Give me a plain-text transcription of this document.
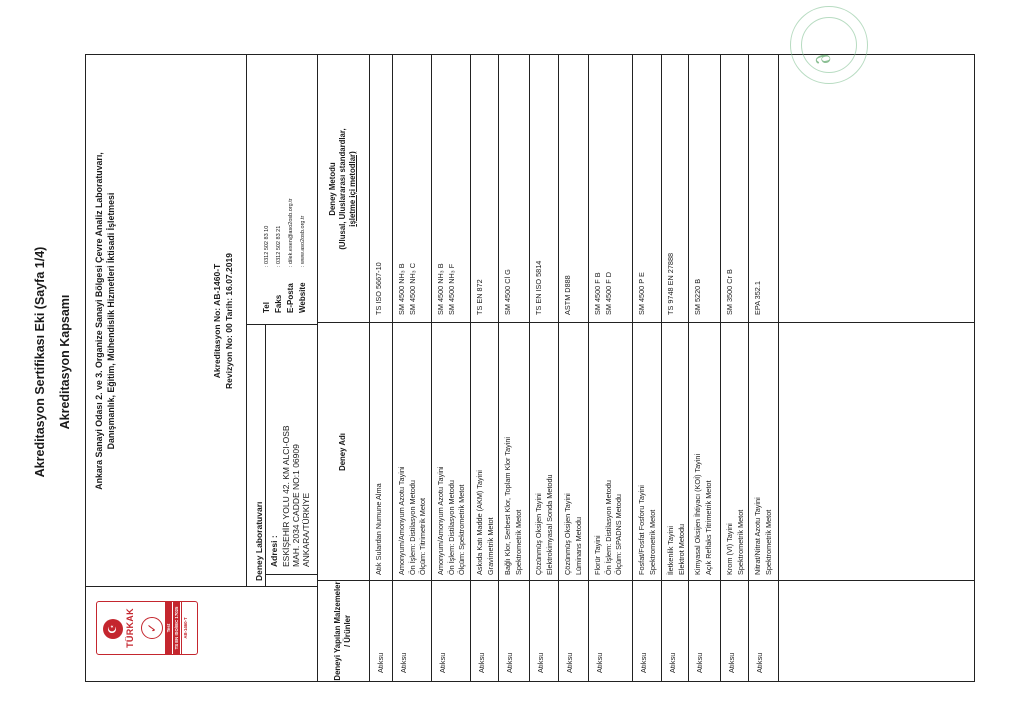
Akreditasyon Sertifikası Eki (Sayfa 1/4) Akreditasyon Kapsamı
☪ TÜRKAK ✓	Test TS EN ISO/IEC 17025 AB-1460-T
Ankara Sanayi Odası 2. ve 3. Organize Sanayi Bölgesi Çevre Analiz Laboratuvarı, Danışmanlık, Eğitim, Mühendislik Hizmetleri İktisadi İşletmesi	Akreditasyon No: AB-1460-T Revizyon No: 00 Tarih: 16.07.2019
Deney Laboratuvarı Adresi : ESKİŞEHİR YOLU 42. KM ALCI-OSB MAH. 2034 CADDE NO:1 06909 ANKARA/TÜRKİYE
Tel
: 0312 502 83 10
Faks
: 0312 502 83 21
E-Posta
: dilek.esen@aso2osb.org.tr
Website
: www.aso2osb.org.tr
Deneyi Yapılan Malzemeler / Ürünler
Deney Adı
Deney Metodu (Ulusal, Uluslararası standardlar, işletme içi metodlar)
Atıksu
Atık Sulardan Numune Alma
TS ISO 5667-10
Atıksu
Amonyum/Amonyum Azotu Tayini Ön İşlem: Distilasyon Metodu Ölçüm: Titrimetrik Metot
SM 4500 NH₃ B SM 4500 NH₃ C
Atıksu
Amonyum/Amonyum Azotu Tayini Ön İşlem: Distilasyon Metodu Ölçüm: Spektrometrik Metot
SM 4500 NH₃ B SM 4500 NH₃ F
Atıksu
Askıda Katı Madde (AKM) Tayini Gravimetrik Metot
TS EN 872
Atıksu
Bağlı Klor, Serbest Klor, Toplam Klor Tayini Spektrometrik Metot
SM 4500 Cl G
Atıksu
Çözünmüş Oksijen Tayini Elektrokimyasal Sonda Metodu
TS EN ISO 5814
Atıksu
Çözünmüş Oksijen Tayini Lüminans Metodu
ASTM D888
Atıksu
Florür Tayini Ön İşlem: Distilasyon Metodu Ölçüm: SPADNS Metodu
SM 4500 F B SM 4500 F D
Atıksu
Fosfat/Fosfat Fosforu Tayini Spektrometrik Metot
SM 4500 P E
Atıksu
İletkenlik Tayini Elektrot Metodu
TS 9748 EN 27888
Atıksu
Kimyasal Oksijen İhtiyacı (KOİ) Tayini Açık Reflaks Titrimetrik Metot
SM 5220 B
Atıksu
Krom (VI) Tayini Spektrometrik Metot
SM 3500 Cr B
Atıksu
Nitrat/Nitrat Azotu Tayini Spektrometrik Metot
EPA 352.1
∂
